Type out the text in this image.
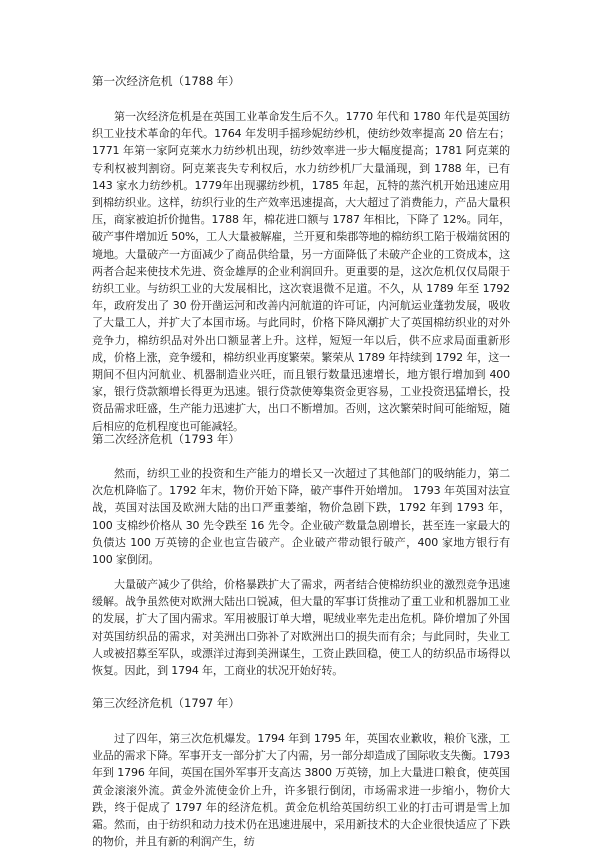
第一次经济危机（1788 年）

第一次经济危机是在英国工业革命发生后不久。1770 年代和 1780 年代是英国纺织工业技术革命的年代。1764 年发明手摇珍妮纺纱机，使纺纱效率提高 20 倍左右；1771 年第一家阿克莱水力纺纱机出现，纺纱效率进一步大幅度提高；1781 阿克莱的专利权被判割窃。阿克莱丧失专利权后，水力纺纱机厂大量涌现，到 1788 年，已有 143 家水力纺纱机。1779年出现骡纺纱机，1785 年起，瓦特的蒸汽机开始迅速应用到棉纺织业。这样，纺织行业的生产效率迅速提高，大大超过了消费能力，产品大量积压，商家被迫折价抛售。1788 年，棉花进口额与 1787 年相比，下降了 12%。同年，破产事件增加近 50%，工人大量被解雇，兰开夏和柴郡等地的棉纺织工陷于极端贫困的境地。大量破产一方面减少了商品供给量，另一方面降低了未破产企业的工资成本，这两者合起来使技术先进、资金雄厚的企业利润回升。更重要的是，这次危机仅仅局限于纺织工业。与纺织工业的大发展相比，这次衰退微不足道。不久，从 1789 年至 1792 年，政府发出了 30 份开凿运河和改善内河航道的许可证，内河航运业蓬勃发展，吸收了大量工人，并扩大了本国市场。与此同时，价格下降风潮扩大了英国棉纺织业的对外竞争力，棉纺织品对外出口额显著上升。这样，短短一年以后，供不应求局面重新形成，价格上涨，竞争缓和，棉纺织业再度繁荣。繁荣从 1789 年持续到 1792 年，这一期间不但内河航业、机器制造业兴旺，而且银行数量迅速增长，地方银行增加到 400 家，银行贷款额增长得更为迅速。银行贷款使筹集资金更容易，工业投资迅猛增长，投资品需求旺盛，生产能力迅速扩大，出口不断增加。否则，这次繁荣时间可能缩短，随后相应的危机程度也可能减轻。

第二次经济危机（1793 年）

然而，纺织工业的投资和生产能力的增长又一次超过了其他部门的吸纳能力，第二次危机降临了。1792 年末，物价开始下降，破产事件开始增加。 1793 年英国对法宣战，英国对法国及欧洲大陆的出口严重萎缩，物价急剧下跌，1792 年到 1793 年，100 支棉纱价格从 30 先令跌至 16 先令。企业破产数量急剧增长，甚至连一家最大的负债达 100 万英镑的企业也宣告破产。企业破产带动银行破产，400 家地方银行有 100 家倒闭。

大量破产减少了供给，价格暴跌扩大了需求，两者结合使棉纺织业的激烈竞争迅速缓解。战争虽然使对欧洲大陆出口锐减，但大量的军事订货推动了重工业和机器加工业的发展，扩大了国内需求。军用被服订单大增，呢绒业率先走出危机。降价增加了外国对英国纺织品的需求，对美洲出口弥补了对欧洲出口的损失而有余；与此同时，失业工人或被招募至军队，或漂洋过海到美洲谋生，工资止跌回稳，使工人的纺织品市场得以恢复。因此，到 1794 年，工商业的状况开始好转。

第三次经济危机（1797 年）

过了四年，第三次危机爆发。1794 年到 1795 年，英国农业歉收，粮价飞涨，工业品的需求下降。军事开支一部分扩大了内需，另一部分却造成了国际收支失衡。1793 年到 1796 年间，英国在国外军事开支高达 3800 万英镑，加上大量进口粮食，使英国黄金滚滚外流。黄金外流使金价上升，许多银行倒闭，市场需求进一步缩小，物价大跌，终于促成了 1797 年的经济危机。黄金危机给英国纺织工业的打击可谓是雪上加霜。然而，由于纺织和动力技术仍在迅速进展中，采用新技术的大企业很快适应了下跌的物价，并且有新的利润产生，纺
